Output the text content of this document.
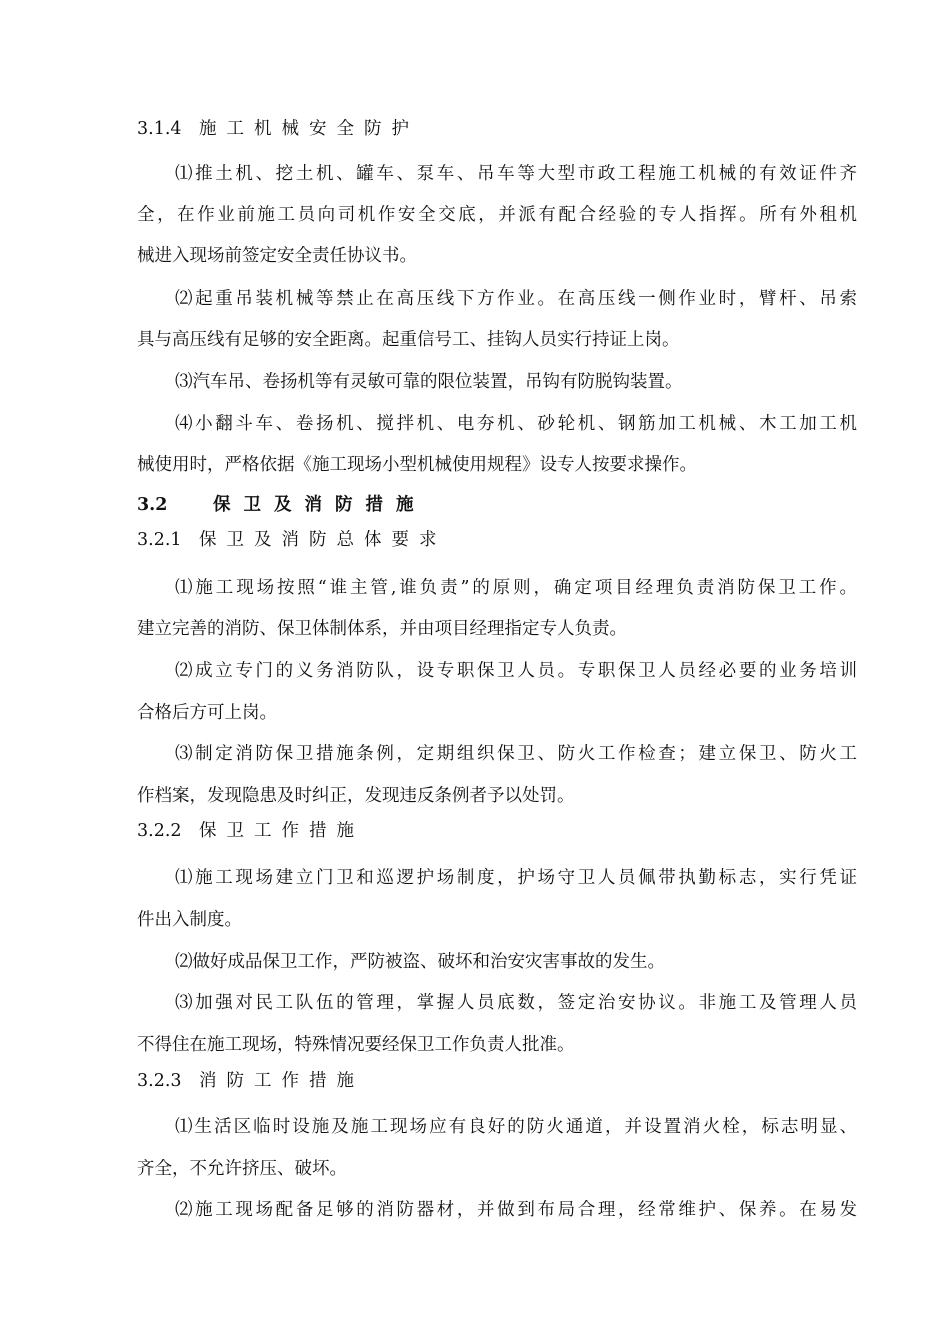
3.1.4 施工机械安全防护
⑴推土机、挖土机、罐车、泵车、吊车等大型市政工程施工机械的有效证件齐
全，在作业前施工员向司机作安全交底，并派有配合经验的专人指挥。所有外租机
械进入现场前签定安全责任协议书。
⑵起重吊装机械等禁止在高压线下方作业。在高压线一侧作业时，臂杆、吊索
具与高压线有足够的安全距离。起重信号工、挂钩人员实行持证上岗。
⑶汽车吊、卷扬机等有灵敏可靠的限位装置，吊钩有防脱钩装置。
⑷小翻斗车、卷扬机、搅拌机、电夯机、砂轮机、钢筋加工机械、木工加工机
械使用时，严格依据《施工现场小型机械使用规程》设专人按要求操作。
3.2	保卫及消防措施
3.2.1 保卫及消防总体要求
⑴施工现场按照“谁主管,谁负责”的原则，确定项目经理负责消防保卫工作。
建立完善的消防、保卫体制体系，并由项目经理指定专人负责。
⑵成立专门的义务消防队，设专职保卫人员。专职保卫人员经必要的业务培训
合格后方可上岗。
⑶制定消防保卫措施条例，定期组织保卫、防火工作检查；建立保卫、防火工
作档案，发现隐患及时纠正，发现违反条例者予以处罚。
3.2.2 保卫工作措施
⑴施工现场建立门卫和巡逻护场制度，护场守卫人员佩带执勤标志，实行凭证
件出入制度。
⑵做好成品保卫工作，严防被盗、破坏和治安灾害事故的发生。
⑶加强对民工队伍的管理，掌握人员底数，签定治安协议。非施工及管理人员
不得住在施工现场，特殊情况要经保卫工作负责人批准。
3.2.3 消防工作措施
⑴生活区临时设施及施工现场应有良好的防火通道，并设置消火栓，标志明显、
齐全，不允许挤压、破坏。
⑵施工现场配备足够的消防器材，并做到布局合理，经常维护、保养。在易发
